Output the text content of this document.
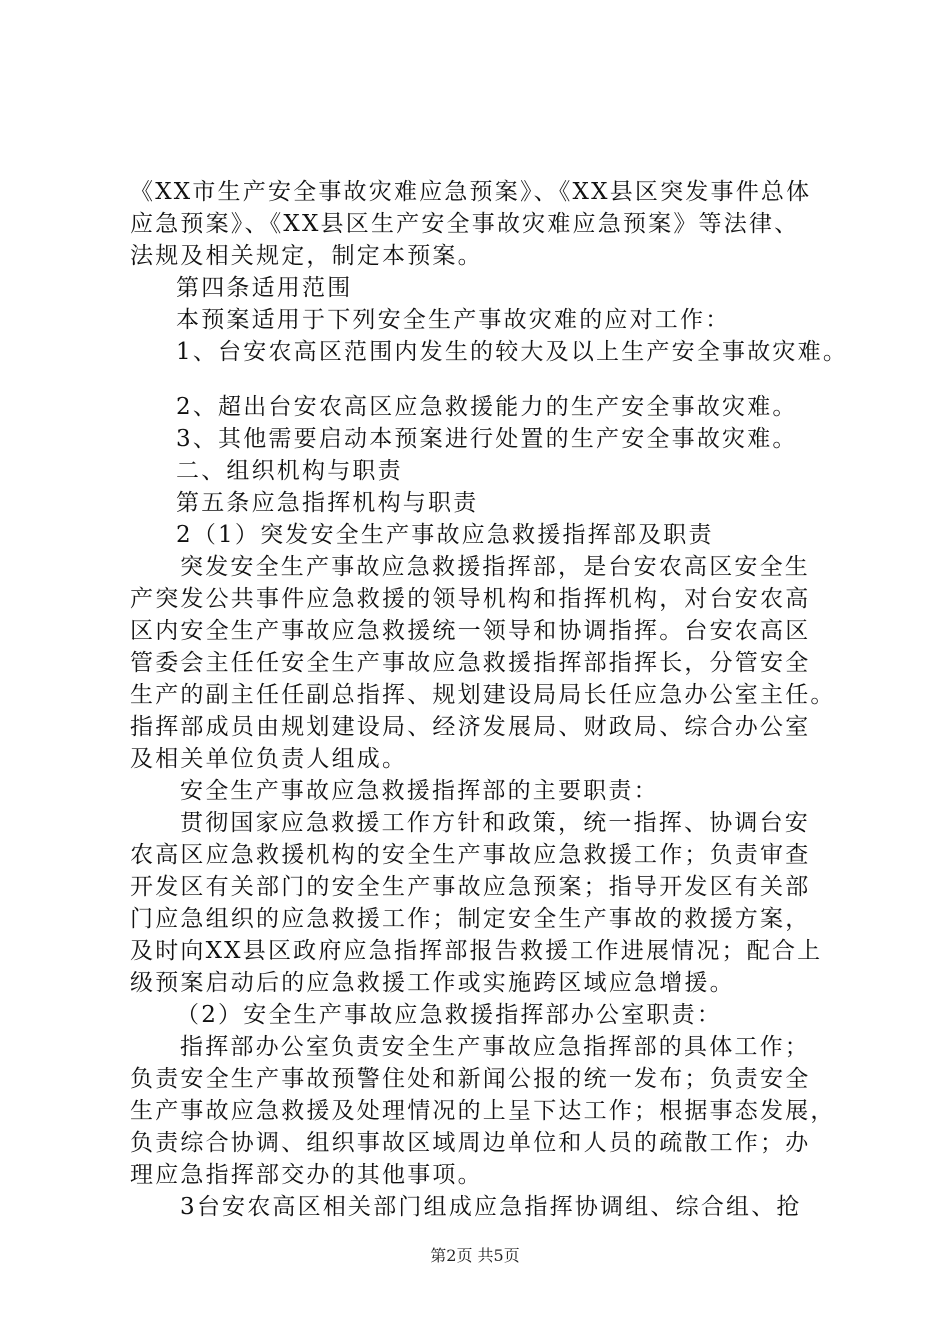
《XX市生产安全事故灾难应急预案》、《XX县区突发事件总体
应急预案》、《XX县区生产安全事故灾难应急预案》等法律、
法规及相关规定，制定本预案。
第四条适用范围
本预案适用于下列安全生产事故灾难的应对工作：
1、台安农高区范围内发生的较大及以上生产安全事故灾难。
2、超出台安农高区应急救援能力的生产安全事故灾难。
3、其他需要启动本预案进行处置的生产安全事故灾难。
二、组织机构与职责
第五条应急指挥机构与职责
2（1）突发安全生产事故应急救援指挥部及职责
突发安全生产事故应急救援指挥部，是台安农高区安全生
产突发公共事件应急救援的领导机构和指挥机构，对台安农高
区内安全生产事故应急救援统一领导和协调指挥。台安农高区
管委会主任任安全生产事故应急救援指挥部指挥长，分管安全
生产的副主任任副总指挥、规划建设局局长任应急办公室主任。
指挥部成员由规划建设局、经济发展局、财政局、综合办公室
及相关单位负责人组成。
安全生产事故应急救援指挥部的主要职责：
贯彻国家应急救援工作方针和政策，统一指挥、协调台安
农高区应急救援机构的安全生产事故应急救援工作；负责审查
开发区有关部门的安全生产事故应急预案；指导开发区有关部
门应急组织的应急救援工作；制定安全生产事故的救援方案，
及时向XX县区政府应急指挥部报告救援工作进展情况；配合上
级预案启动后的应急救援工作或实施跨区域应急增援。
（2）安全生产事故应急救援指挥部办公室职责：
指挥部办公室负责安全生产事故应急指挥部的具体工作；
负责安全生产事故预警住处和新闻公报的统一发布；负责安全
生产事故应急救援及处理情况的上呈下达工作；根据事态发展，
负责综合协调、组织事故区域周边单位和人员的疏散工作；办
理应急指挥部交办的其他事项。
3台安农高区相关部门组成应急指挥协调组、综合组、抢
第2页 共5页
